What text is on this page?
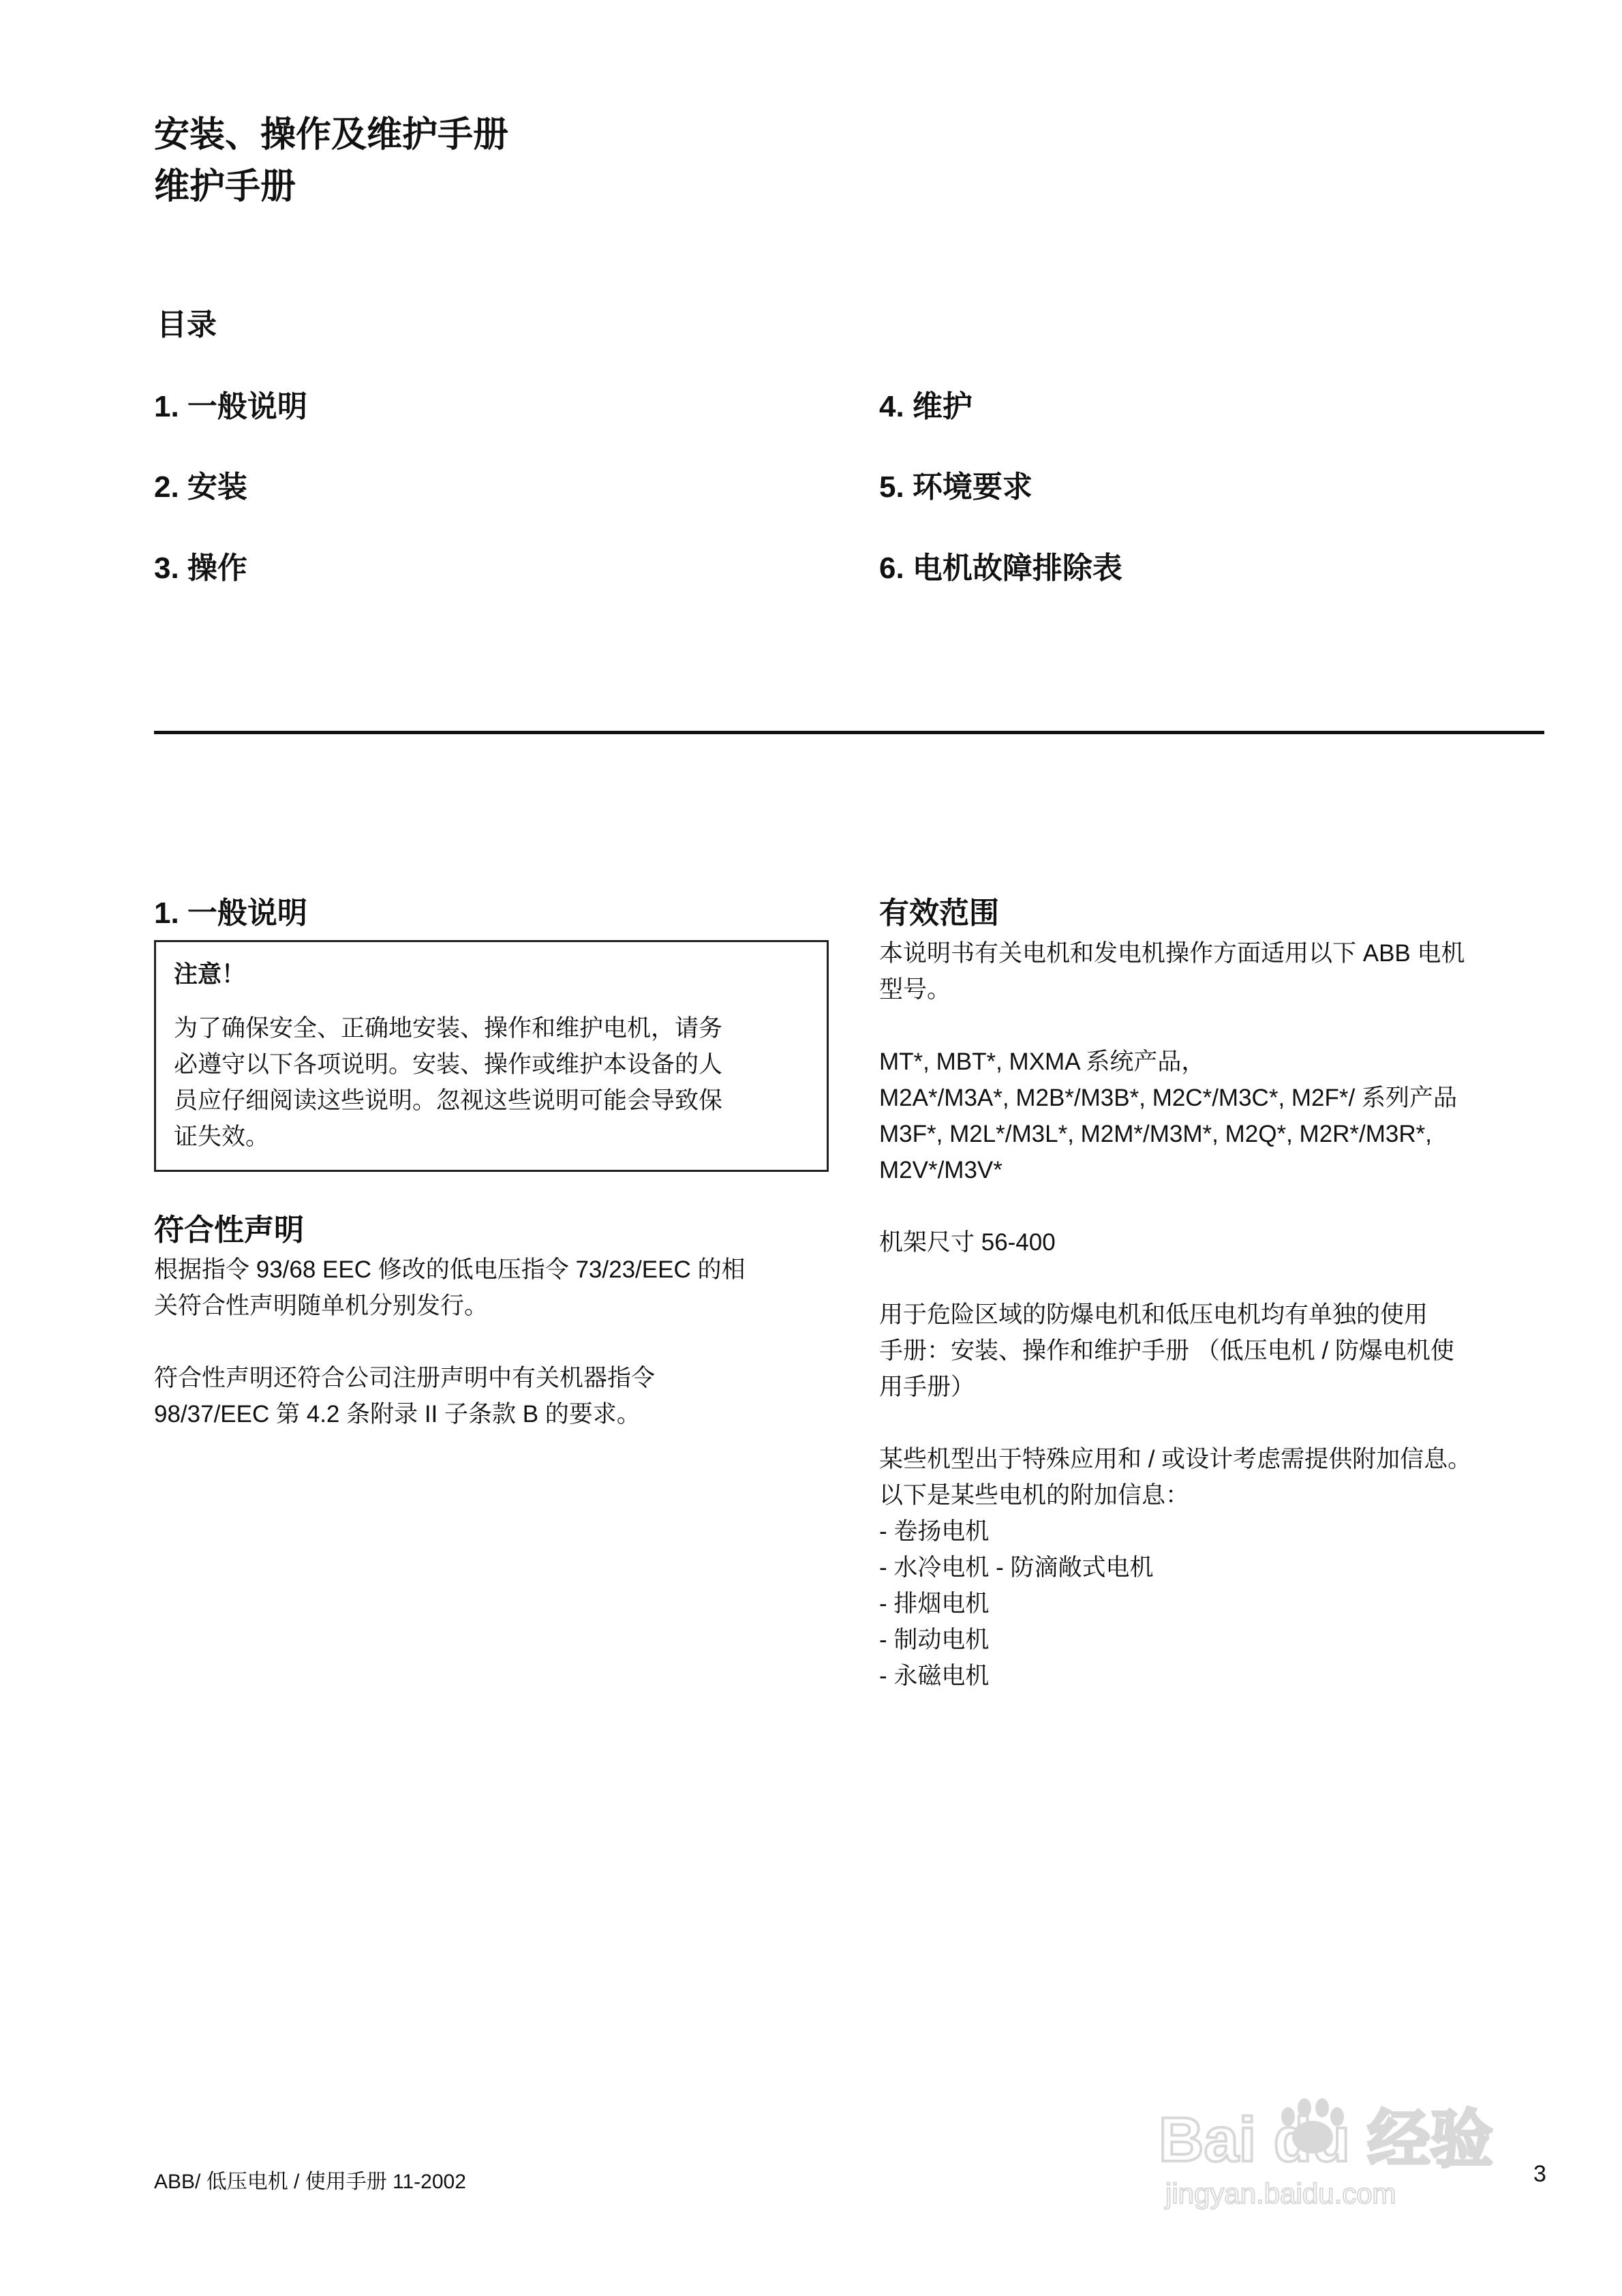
安装、操作及维护手册
维护手册
目录
1. 一般说明
2. 安装
3. 操作
4. 维护
5. 环境要求
6. 电机故障排除表
1. 一般说明
注意！
为了确保安全、正确地安装、操作和维护电机，请务
必遵守以下各项说明。安装、操作或维护本设备的人
员应仔细阅读这些说明。忽视这些说明可能会导致保
证失效。
符合性声明
根据指令 93/68 EEC 修改的低电压指令 73/23/EEC 的相
关符合性声明随单机分别发行。
符合性声明还符合公司注册声明中有关机器指令
98/37/EEC 第 4.2 条附录 II 子条款 B 的要求。
有效范围
本说明书有关电机和发电机操作方面适用以下 ABB 电机
型号。
MT*, MBT*, MXMA 系统产品，
M2A*/M3A*, M2B*/M3B*, M2C*/M3C*, M2F*/ 系列产品
M3F*, M2L*/M3L*, M2M*/M3M*, M2Q*, M2R*/M3R*,
M2V*/M3V*
机架尺寸 56-400
用于危险区域的防爆电机和低压电机均有单独的使用
手册：安装、操作和维护手册 （低压电机 / 防爆电机使
用手册）
某些机型出于特殊应用和 / 或设计考虑需提供附加信息。
以下是某些电机的附加信息：
- 卷扬电机
- 水冷电机 - 防滴敞式电机
- 排烟电机
- 制动电机
- 永磁电机
Bai du 经验
jingyan.baidu.com
ABB/ 低压电机 / 使用手册 11-2002	3
